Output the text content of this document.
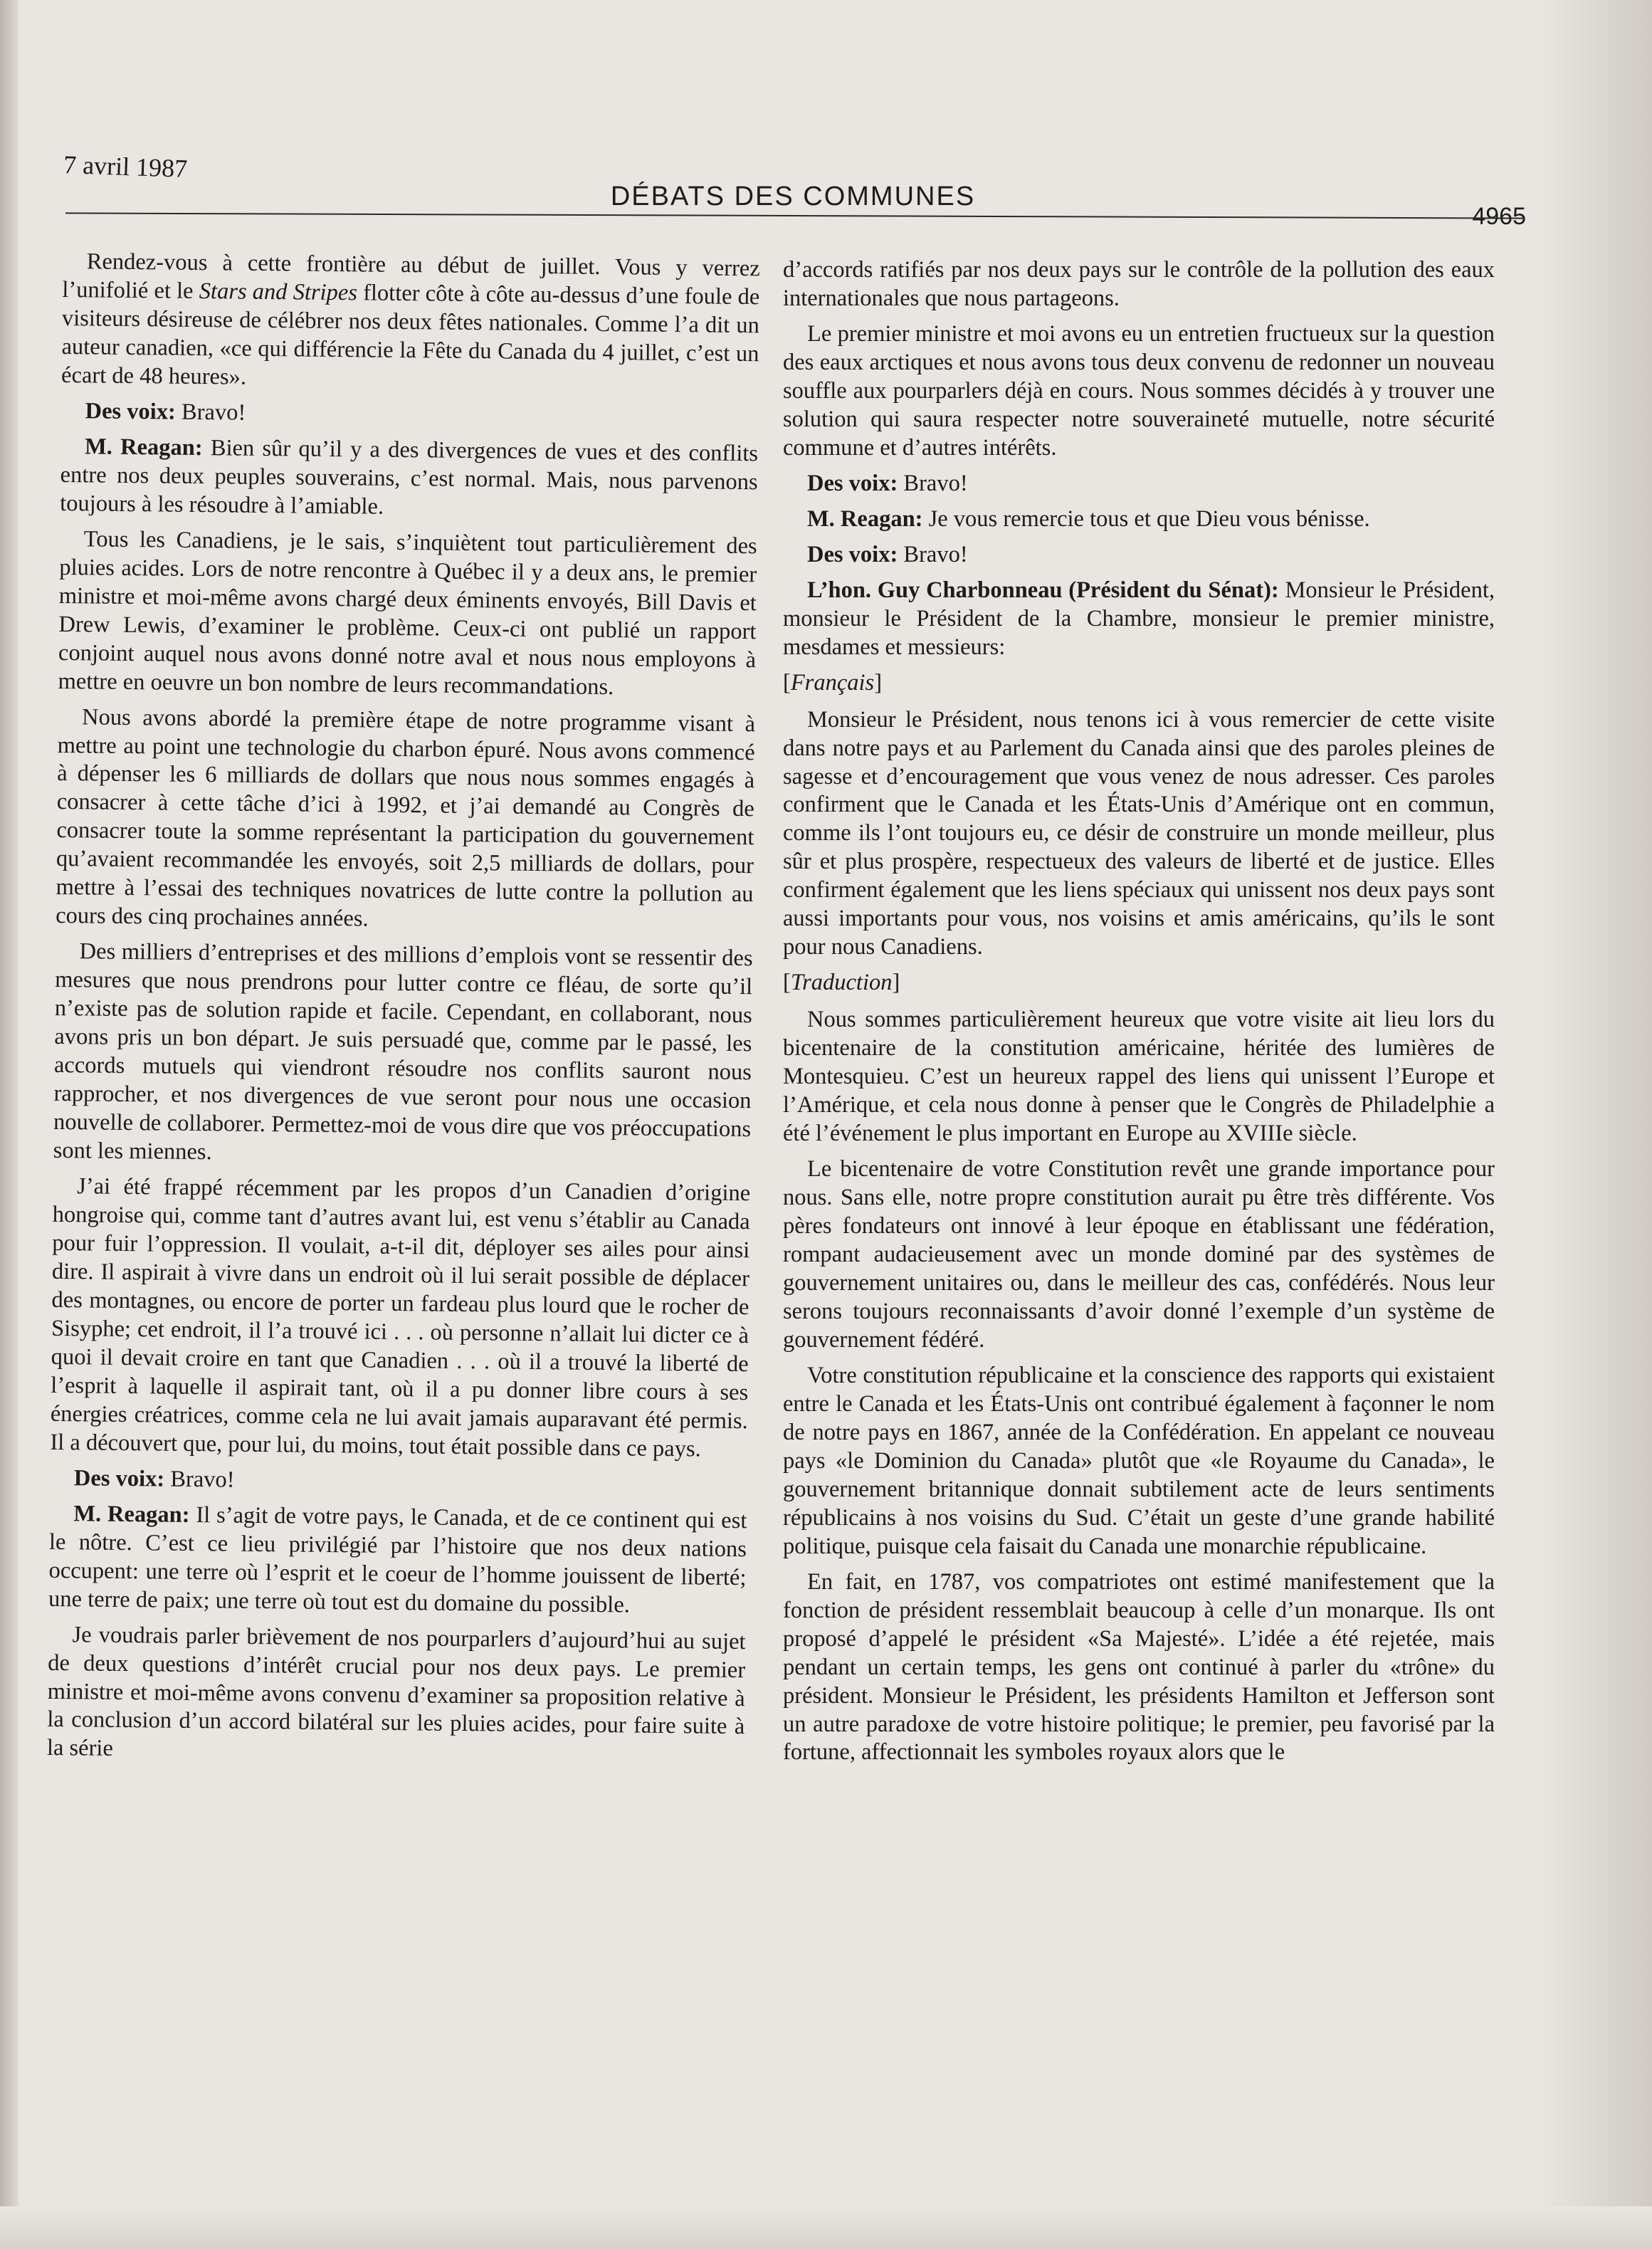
7 avril 1987
DÉBATS DES COMMUNES
4965

Rendez-vous à cette frontière au début de juillet. Vous y verrez l’unifolié et le Stars and Stripes flotter côte à côte au-dessus d’une foule de visiteurs désireuse de célébrer nos deux fêtes nationales. Comme l’a dit un auteur canadien, «ce qui différencie la Fête du Canada du 4 juillet, c’est un écart de 48 heures».

Des voix: Bravo!

M. Reagan: Bien sûr qu’il y a des divergences de vues et des conflits entre nos deux peuples souverains, c’est normal. Mais, nous parvenons toujours à les résoudre à l’amiable.

Tous les Canadiens, je le sais, s’inquiètent tout particulièrement des pluies acides. Lors de notre rencontre à Québec il y a deux ans, le premier ministre et moi-même avons chargé deux éminents envoyés, Bill Davis et Drew Lewis, d’examiner le problème. Ceux-ci ont publié un rapport conjoint auquel nous avons donné notre aval et nous nous employons à mettre en oeuvre un bon nombre de leurs recommandations.

Nous avons abordé la première étape de notre programme visant à mettre au point une technologie du charbon épuré. Nous avons commencé à dépenser les 6 milliards de dollars que nous nous sommes engagés à consacrer à cette tâche d’ici à 1992, et j’ai demandé au Congrès de consacrer toute la somme représentant la participation du gouvernement qu’avaient recommandée les envoyés, soit 2,5 milliards de dollars, pour mettre à l’essai des techniques novatrices de lutte contre la pollution au cours des cinq prochaines années.

Des milliers d’entreprises et des millions d’emplois vont se ressentir des mesures que nous prendrons pour lutter contre ce fléau, de sorte qu’il n’existe pas de solution rapide et facile. Cependant, en collaborant, nous avons pris un bon départ. Je suis persuadé que, comme par le passé, les accords mutuels qui viendront résoudre nos conflits sauront nous rapprocher, et nos divergences de vue seront pour nous une occasion nouvelle de collaborer. Permettez-moi de vous dire que vos préoccupations sont les miennes.

J’ai été frappé récemment par les propos d’un Canadien d’origine hongroise qui, comme tant d’autres avant lui, est venu s’établir au Canada pour fuir l’oppression. Il voulait, a-t-il dit, déployer ses ailes pour ainsi dire. Il aspirait à vivre dans un endroit où il lui serait possible de déplacer des montagnes, ou encore de porter un fardeau plus lourd que le rocher de Sisyphe; cet endroit, il l’a trouvé ici . . . où personne n’allait lui dicter ce à quoi il devait croire en tant que Canadien . . . où il a trouvé la liberté de l’esprit à laquelle il aspirait tant, où il a pu donner libre cours à ses énergies créatrices, comme cela ne lui avait jamais auparavant été permis. Il a découvert que, pour lui, du moins, tout était possible dans ce pays.

Des voix: Bravo!

M. Reagan: Il s’agit de votre pays, le Canada, et de ce continent qui est le nôtre. C’est ce lieu privilégié par l’histoire que nos deux nations occupent: une terre où l’esprit et le coeur de l’homme jouissent de liberté; une terre de paix; une terre où tout est du domaine du possible.

Je voudrais parler brièvement de nos pourparlers d’aujourd’hui au sujet de deux questions d’intérêt crucial pour nos deux pays. Le premier ministre et moi-même avons convenu d’examiner sa proposition relative à la conclusion d’un accord bilatéral sur les pluies acides, pour faire suite à la série

d’accords ratifiés par nos deux pays sur le contrôle de la pollution des eaux internationales que nous partageons.

Le premier ministre et moi avons eu un entretien fructueux sur la question des eaux arctiques et nous avons tous deux convenu de redonner un nouveau souffle aux pourparlers déjà en cours. Nous sommes décidés à y trouver une solution qui saura respecter notre souveraineté mutuelle, notre sécurité commune et d’autres intérêts.

Des voix: Bravo!

M. Reagan: Je vous remercie tous et que Dieu vous bénisse.

Des voix: Bravo!

L’hon. Guy Charbonneau (Président du Sénat): Monsieur le Président, monsieur le Président de la Chambre, monsieur le premier ministre, mesdames et messieurs:

[Français]

Monsieur le Président, nous tenons ici à vous remercier de cette visite dans notre pays et au Parlement du Canada ainsi que des paroles pleines de sagesse et d’encouragement que vous venez de nous adresser. Ces paroles confirment que le Canada et les États-Unis d’Amérique ont en commun, comme ils l’ont toujours eu, ce désir de construire un monde meilleur, plus sûr et plus prospère, respectueux des valeurs de liberté et de justice. Elles confirment également que les liens spéciaux qui unissent nos deux pays sont aussi importants pour vous, nos voisins et amis américains, qu’ils le sont pour nous Canadiens.

[Traduction]

Nous sommes particulièrement heureux que votre visite ait lieu lors du bicentenaire de la constitution américaine, héritée des lumières de Montesquieu. C’est un heureux rappel des liens qui unissent l’Europe et l’Amérique, et cela nous donne à penser que le Congrès de Philadelphie a été l’événement le plus important en Europe au XVIIIe siècle.

Le bicentenaire de votre Constitution revêt une grande importance pour nous. Sans elle, notre propre constitution aurait pu être très différente. Vos pères fondateurs ont innové à leur époque en établissant une fédération, rompant audacieusement avec un monde dominé par des systèmes de gouvernement unitaires ou, dans le meilleur des cas, confédérés. Nous leur serons toujours reconnaissants d’avoir donné l’exemple d’un système de gouvernement fédéré.

Votre constitution républicaine et la conscience des rapports qui existaient entre le Canada et les États-Unis ont contribué également à façonner le nom de notre pays en 1867, année de la Confédération. En appelant ce nouveau pays «le Dominion du Canada» plutôt que «le Royaume du Canada», le gouvernement britannique donnait subtilement acte de leurs sentiments républicains à nos voisins du Sud. C’était un geste d’une grande habilité politique, puisque cela faisait du Canada une monarchie républicaine.

En fait, en 1787, vos compatriotes ont estimé manifestement que la fonction de président ressemblait beaucoup à celle d’un monarque. Ils ont proposé d’appelé le président «Sa Majesté». L’idée a été rejetée, mais pendant un certain temps, les gens ont continué à parler du «trône» du président. Monsieur le Président, les présidents Hamilton et Jefferson sont un autre paradoxe de votre histoire politique; le premier, peu favorisé par la fortune, affectionnait les symboles royaux alors que le
